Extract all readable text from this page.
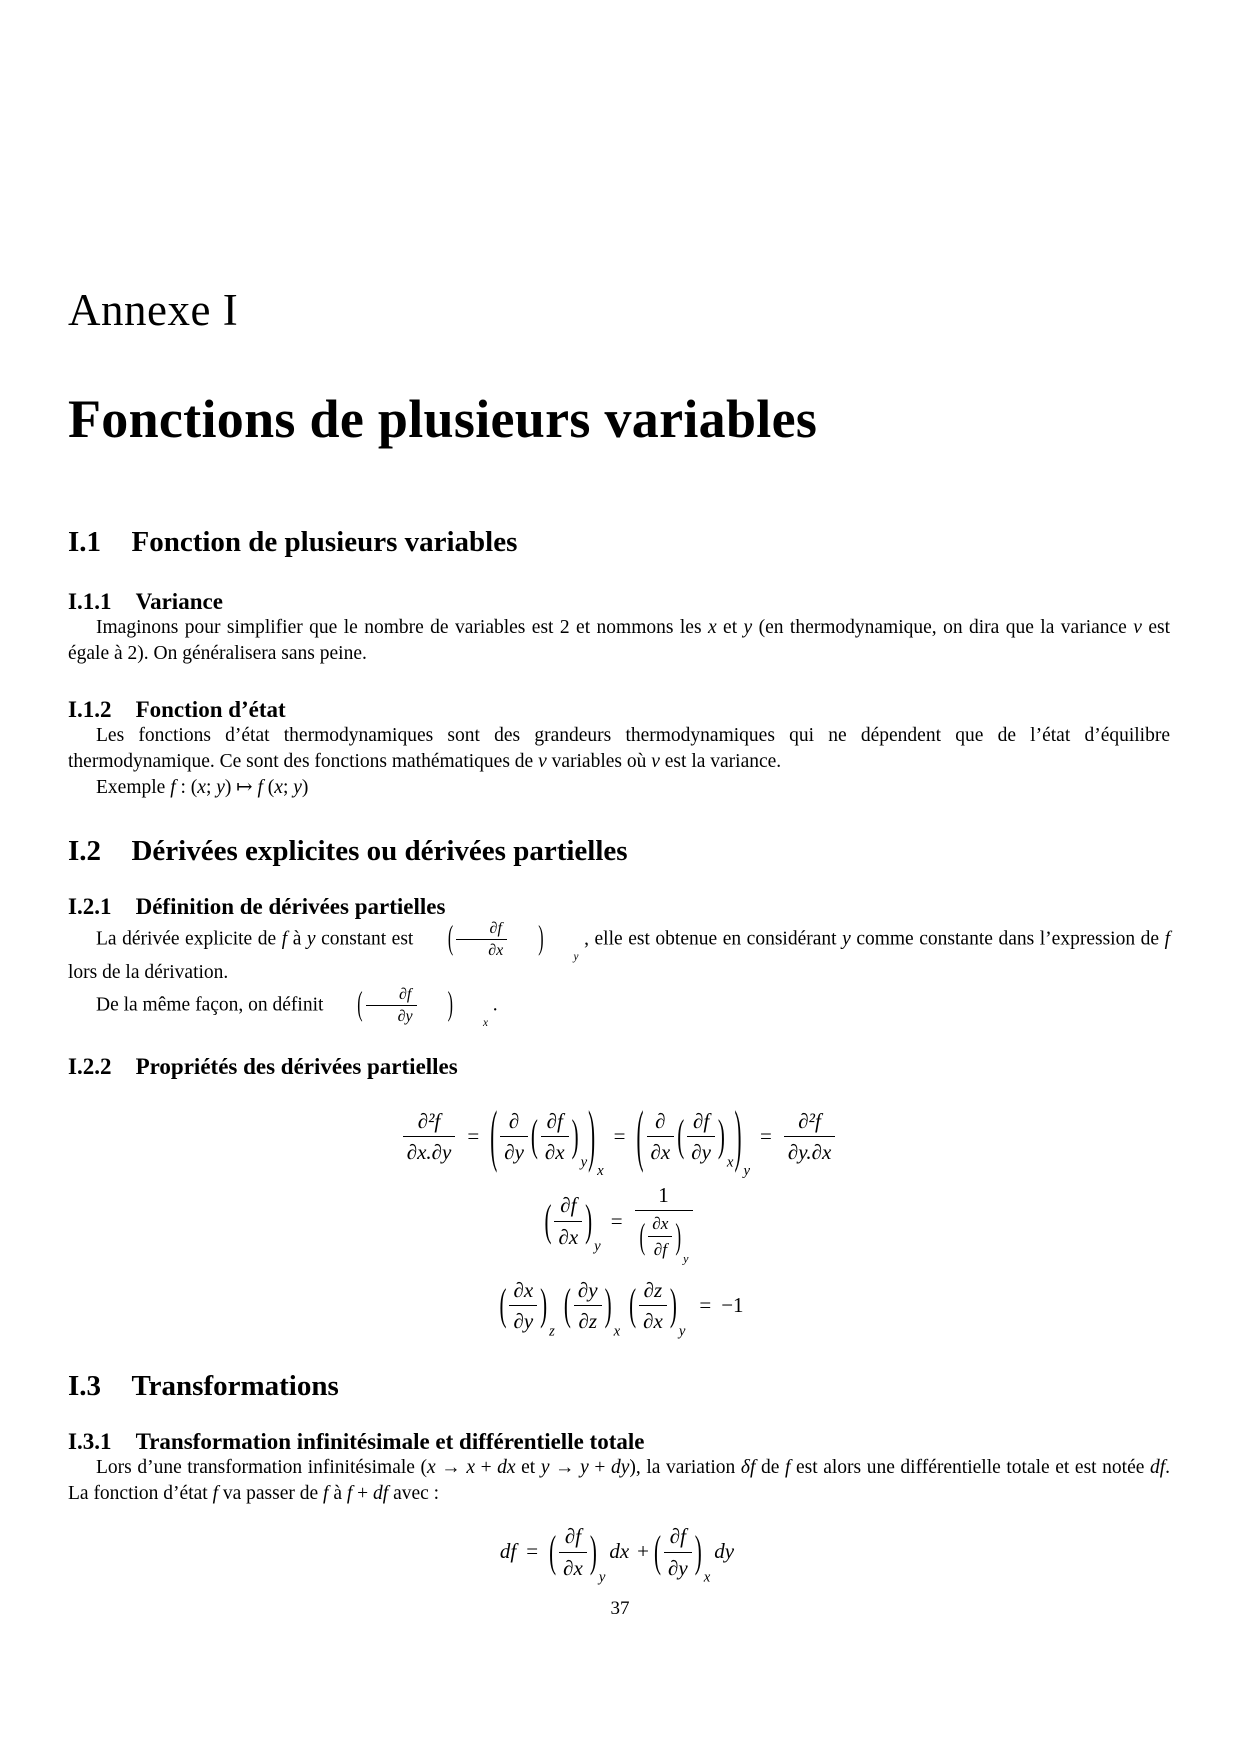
Annexe I
Fonctions de plusieurs variables
I.1 Fonction de plusieurs variables
I.1.1 Variance

Imaginons pour simplifier que le nombre de variables est 2 et nommons les x et y (en thermodynamique, on dira que la variance v est égale à 2). On généralisera sans peine.

I.1.2 Fonction d’état

Les fonctions d’état thermodynamiques sont des grandeurs thermodynamiques qui ne dépendent que de l’état d’équilibre thermodynamique. Ce sont des fonctions mathématiques de v variables où v est la variance.

Exemple f : (x; y) ↦ f (x; y)

I.2 Dérivées explicites ou dérivées partielles
I.2.1 Définition de dérivées partielles

La dérivée explicite de f à y constant est	( $\frac{\partial f}{\partial x}$	)
y
, elle est obtenue en considérant y comme constante dans l’expression de f lors de la dérivation.

De la même façon, on définit	( $\frac{\partial f}{\partial y}$	)
x
.

I.2.2 Propriétés des dérivées partielles
$\frac{\text{∂²f}}{\partial x.\partial y}$ = ( $\frac{\partial}{\partial y}$ ( $\frac{\partial f}{\partial x}$ )
y ) x
= ( $\frac{\partial}{\partial x}$ ( $\frac{\partial f}{\partial y}$ )
x ) y
= $\frac{\text{∂²f}}{\partial y.\partial x}$
( $\frac{\partial f}{\partial x}$ )
y
= 1
( $\frac{\partial x}{\partial f}$ )
y
( $\frac{\partial x}{\partial y}$ )
z
( $\frac{\partial y}{\partial z}$ )
x
( $\frac{\partial z}{\partial x}$ )
y
= −1
I.3 Transformations
I.3.1 Transformation infinitésimale et différentielle totale

Lors d’une transformation infinitésimale (x → x + dx et y → y + dy), la variation δf de f est alors une différentielle totale et est notée df. La fonction d’état f va passer de f à f + df avec :

df = ( $\frac{\partial f}{\partial x}$ )
y
dx + ( $\frac{\partial f}{\partial y}$ )
x
dy
37
